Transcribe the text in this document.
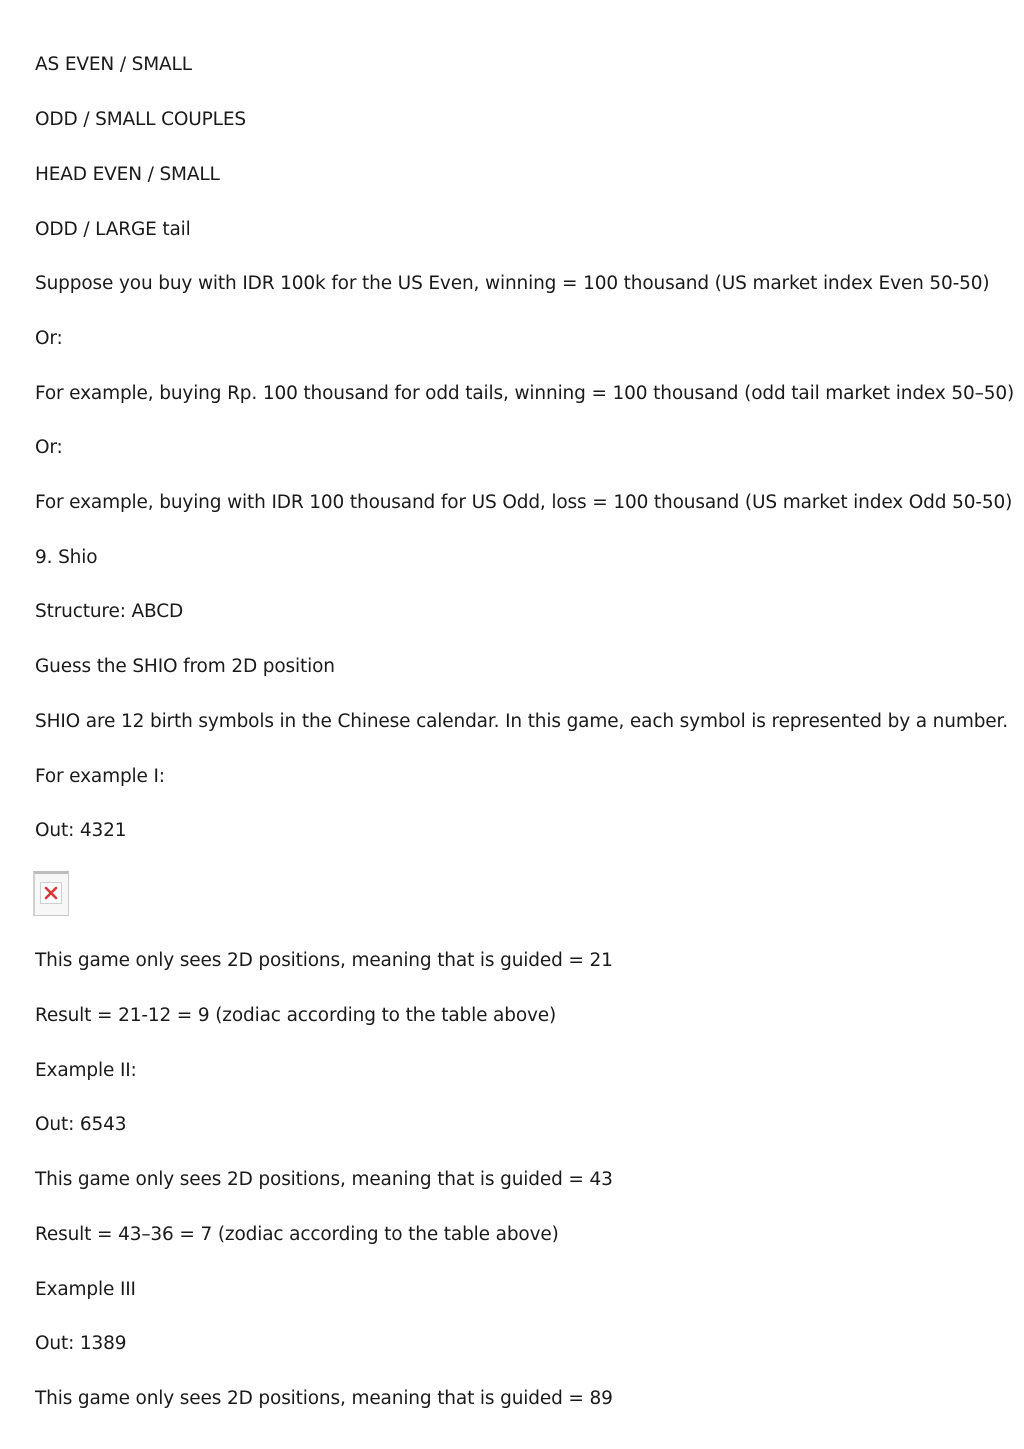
AS EVEN / SMALL

ODD / SMALL COUPLES

HEAD EVEN / SMALL

ODD / LARGE tail

Suppose you buy with IDR 100k for the US Even, winning = 100 thousand (US market index Even 50-50)

Or:

For example, buying Rp. 100 thousand for odd tails, winning = 100 thousand (odd tail market index 50–50)

Or:

For example, buying with IDR 100 thousand for US Odd, loss = 100 thousand (US market index Odd 50-50)

9. Shio

Structure: ABCD

Guess the SHIO from 2D position

SHIO are 12 birth symbols in the Chinese calendar. In this game, each symbol is represented by a number.

For example I:

Out: 4321

This game only sees 2D positions, meaning that is guided = 21

Result = 21-12 = 9 (zodiac according to the table above)

Example II:

Out: 6543

This game only sees 2D positions, meaning that is guided = 43

Result = 43–36 = 7 (zodiac according to the table above)

Example III

Out: 1389

This game only sees 2D positions, meaning that is guided = 89
